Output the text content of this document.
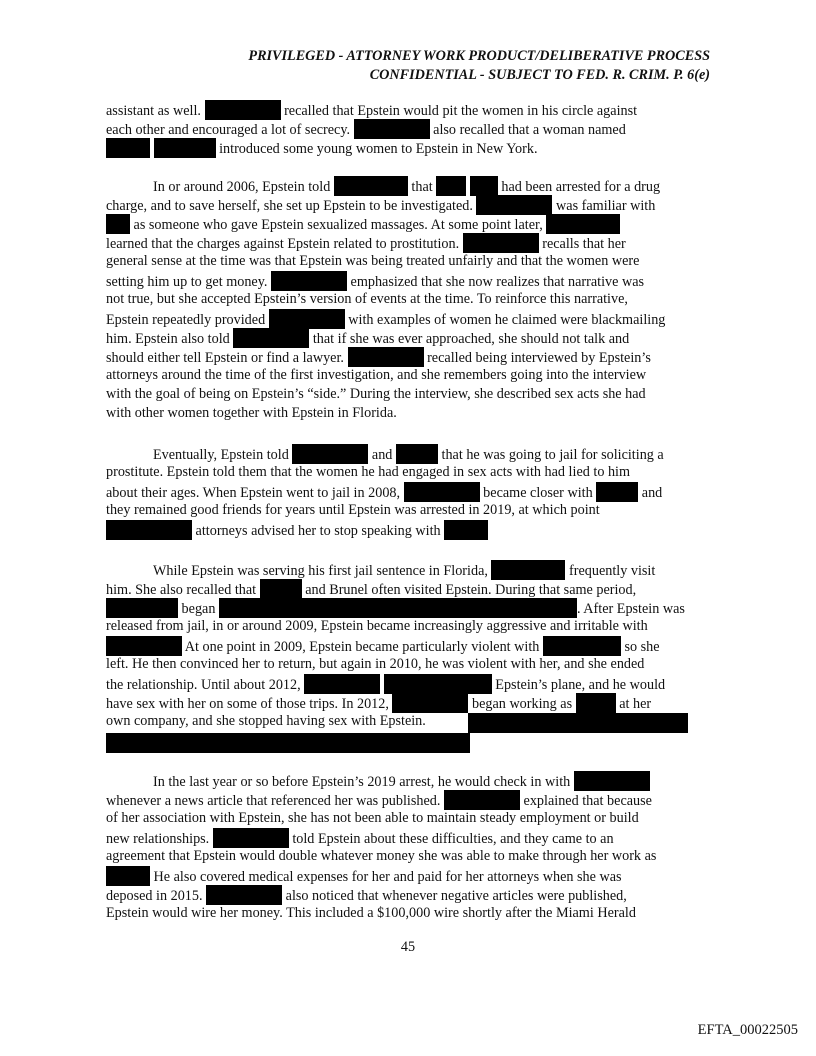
PRIVILEGED - ATTORNEY WORK PRODUCT/DELIBERATIVE PROCESS
CONFIDENTIAL - SUBJECT TO FED. R. CRIM. P. 6(e)
assistant as well.	recalled that Epstein would pit the women in his circle against
each other and encouraged a lot of secrecy.	also recalled that a woman named
introduced some young women to Epstein in New York.
In or around 2006, Epstein told	that	had been arrested for a drug
charge, and to save herself, she set up Epstein to be investigated.	was familiar with
as someone who gave Epstein sexualized massages. At some point later,
learned that the charges against Epstein related to prostitution.	recalls that her
general sense at the time was that Epstein was being treated unfairly and that the women were
setting him up to get money.	emphasized that she now realizes that narrative was
not true, but she accepted Epstein’s version of events at the time. To reinforce this narrative,
Epstein repeatedly provided	with examples of women he claimed were blackmailing
him. Epstein also told	that if she was ever approached, she should not talk and
should either tell Epstein or find a lawyer.	recalled being interviewed by Epstein’s
attorneys around the time of the first investigation, and she remembers going into the interview
with the goal of being on Epstein’s “side.” During the interview, she described sex acts she had
with other women together with Epstein in Florida.
Eventually, Epstein told	and	that he was going to jail for soliciting a
prostitute. Epstein told them that the women he had engaged in sex acts with had lied to him
about their ages. When Epstein went to jail in 2008,	became closer with	and
they remained good friends for years until Epstein was arrested in 2019, at which point
attorneys advised her to stop speaking with
While Epstein was serving his first jail sentence in Florida,	frequently visit
him. She also recalled that	and Brunel often visited Epstein. During that same period,
began	. After Epstein was
released from jail, in or around 2009, Epstein became increasingly aggressive and irritable with
At one point in 2009, Epstein became particularly violent with	so she
left. He then convinced her to return, but again in 2010, he was violent with her, and she ended
the relationship. Until about 2012,	Epstein’s plane, and he would
have sex with her on some of those trips. In 2012,	began working as	at her
own company, and she stopped having sex with Epstein.
In the last year or so before Epstein’s 2019 arrest, he would check in with
whenever a news article that referenced her was published.	explained that because
of her association with Epstein, she has not been able to maintain steady employment or build
new relationships.	told Epstein about these difficulties, and they came to an
agreement that Epstein would double whatever money she was able to make through her work as
He also covered medical expenses for her and paid for her attorneys when she was
deposed in 2015.	also noticed that whenever negative articles were published,
Epstein would wire her money. This included a $100,000 wire shortly after the Miami Herald
45
EFTA_00022505
